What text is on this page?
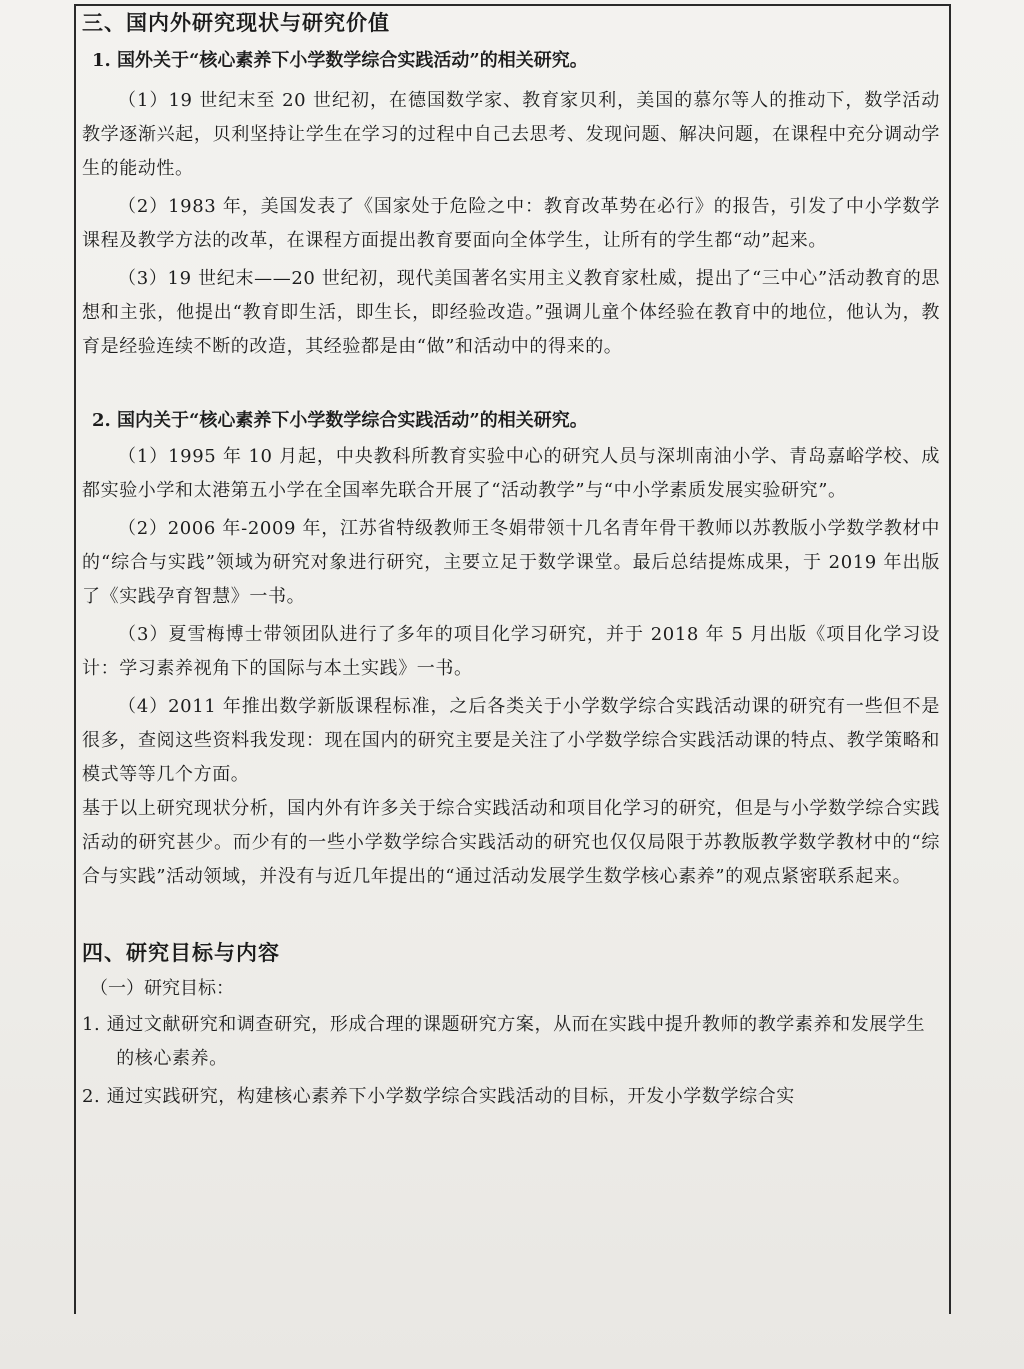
三、国内外研究现状与研究价值

1. 国外关于“核心素养下小学数学综合实践活动”的相关研究。

（1）19 世纪末至 20 世纪初，在德国数学家、教育家贝利，美国的慕尔等人的推动下，数学活动教学逐渐兴起，贝利坚持让学生在学习的过程中自己去思考、发现问题、解决问题，在课程中充分调动学生的能动性。

（2）1983 年，美国发表了《国家处于危险之中：教育改革势在必行》的报告，引发了中小学数学课程及教学方法的改革，在课程方面提出教育要面向全体学生，让所有的学生都“动”起来。

（3）19 世纪末——20 世纪初，现代美国著名实用主义教育家杜威，提出了“三中心”活动教育的思想和主张，他提出“教育即生活，即生长，即经验改造。”强调儿童个体经验在教育中的地位，他认为，教育是经验连续不断的改造，其经验都是由“做”和活动中的得来的。

2. 国内关于“核心素养下小学数学综合实践活动”的相关研究。

（1）1995 年 10 月起，中央教科所教育实验中心的研究人员与深圳南油小学、青岛嘉峪学校、成都实验小学和太港第五小学在全国率先联合开展了“活动教学”与“中小学素质发展实验研究”。

（2）2006 年-2009 年，江苏省特级教师王冬娟带领十几名青年骨干教师以苏教版小学数学教材中的“综合与实践”领域为研究对象进行研究，主要立足于数学课堂。最后总结提炼成果，于 2019 年出版了《实践孕育智慧》一书。

（3）夏雪梅博士带领团队进行了多年的项目化学习研究，并于 2018 年 5 月出版《项目化学习设计：学习素养视角下的国际与本土实践》一书。

（4）2011 年推出数学新版课程标准，之后各类关于小学数学综合实践活动课的研究有一些但不是很多，查阅这些资料我发现：现在国内的研究主要是关注了小学数学综合实践活动课的特点、教学策略和模式等等几个方面。

基于以上研究现状分析，国内外有许多关于综合实践活动和项目化学习的研究，但是与小学数学综合实践活动的研究甚少。而少有的一些小学数学综合实践活动的研究也仅仅局限于苏教版教学数学教材中的“综合与实践”活动领域，并没有与近几年提出的“通过活动发展学生数学核心素养”的观点紧密联系起来。

四、研究目标与内容

（一）研究目标：

1. 通过文献研究和调查研究，形成合理的课题研究方案，从而在实践中提升教师的教学素养和发展学生的核心素养。

2. 通过实践研究，构建核心素养下小学数学综合实践活动的目标，开发小学数学综合实
